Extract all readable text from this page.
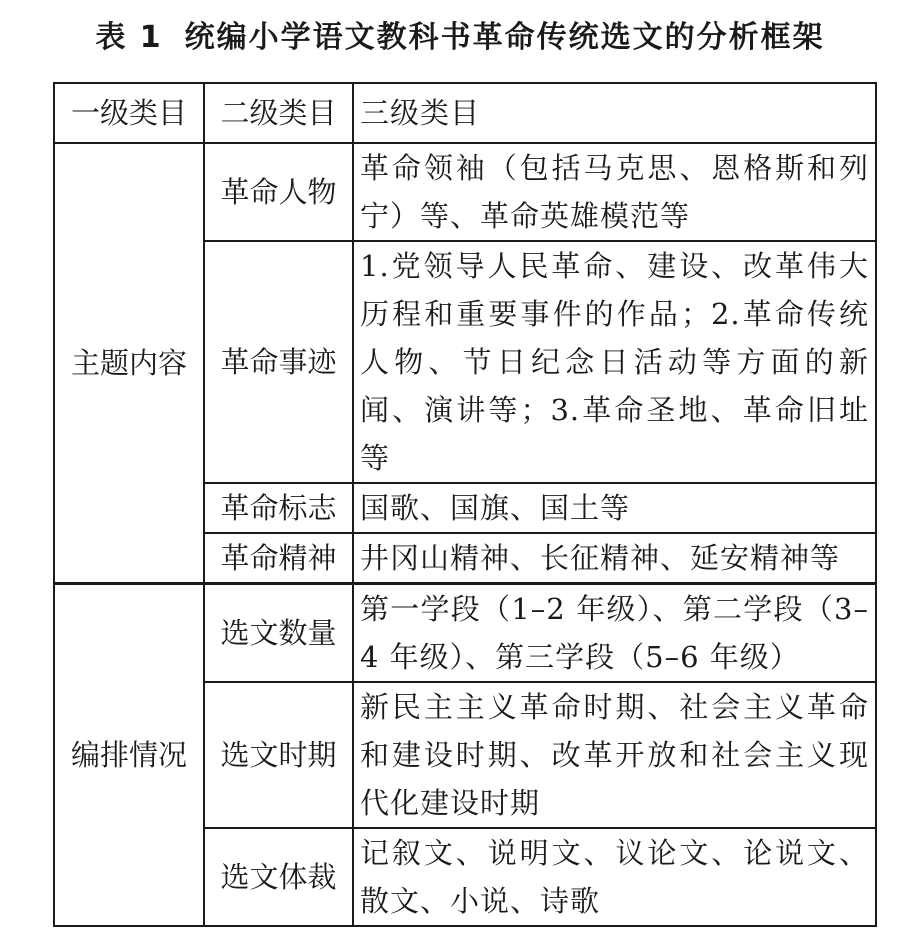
表 1 统编小学语文教科书革命传统选文的分析框架
一级类目	二级类目	三级类目
主题内容	革命人物	革命领袖（包括马克思、恩格斯和列宁）等、革命英雄模范等
	革命事迹	1.党领导人民革命、建设、改革伟大历程和重要事件的作品；2.革命传统人物、节日纪念日活动等方面的新闻、演讲等；3.革命圣地、革命旧址等
	革命标志	国歌、国旗、国土等
	革命精神	井冈山精神、长征精神、延安精神等
编排情况	选文数量	第一学段（1–2 年级）、第二学段（3–4 年级）、第三学段（5–6 年级）
	选文时期	新民主主义革命时期、社会主义革命和建设时期、改革开放和社会主义现代化建设时期
	选文体裁	记叙文、说明文、议论文、论说文、散文、小说、诗歌
